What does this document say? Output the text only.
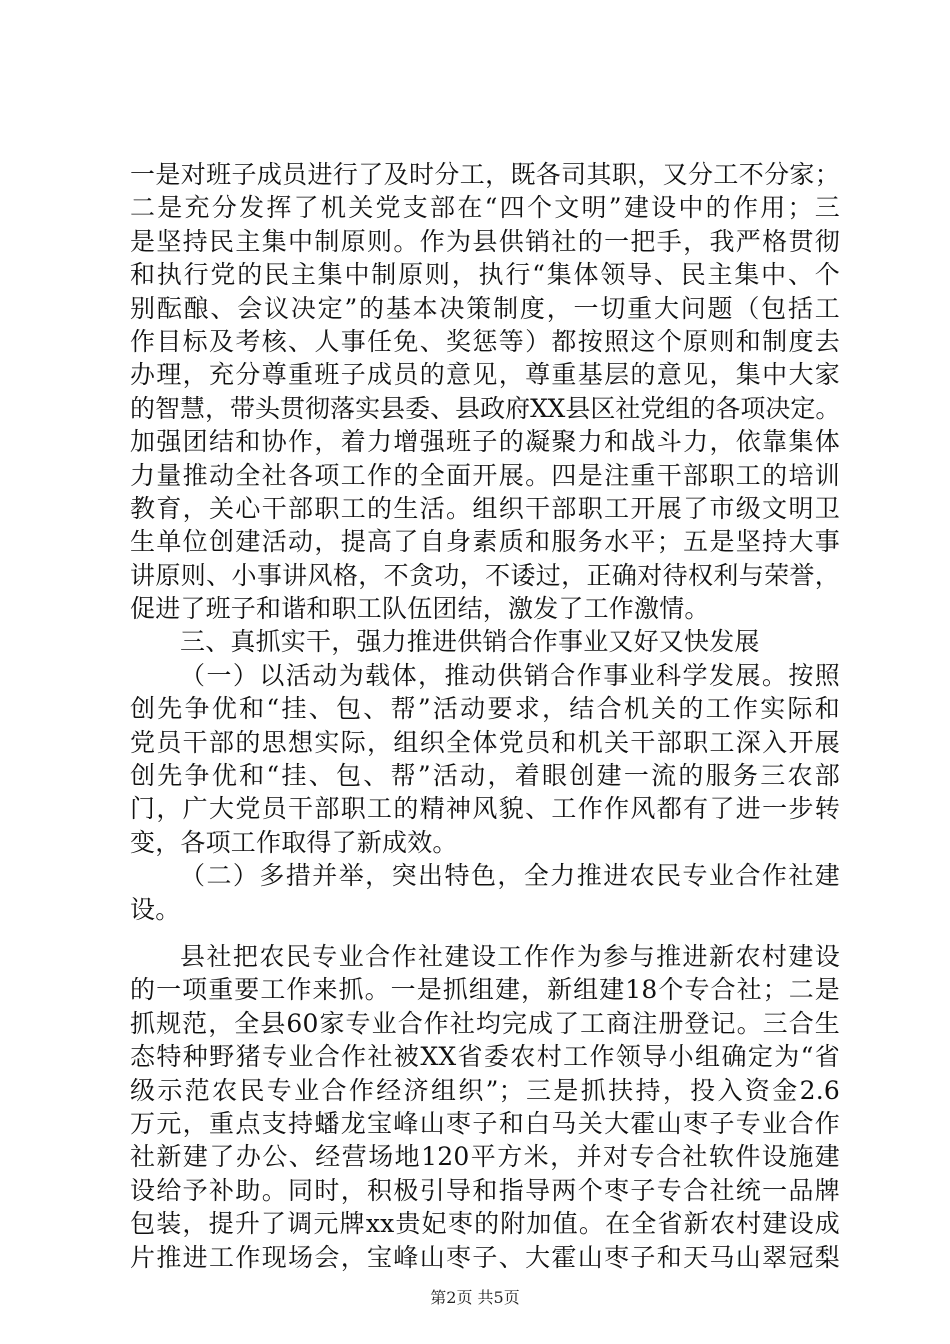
一是对班子成员进行了及时分工，既各司其职，又分工不分家；
二是充分发挥了机关党支部在“四个文明”建设中的作用；三
是坚持民主集中制原则。作为县供销社的一把手，我严格贯彻
和执行党的民主集中制原则，执行“集体领导、民主集中、个
别酝酿、会议决定”的基本决策制度，一切重大问题（包括工
作目标及考核、人事任免、奖惩等）都按照这个原则和制度去
办理，充分尊重班子成员的意见，尊重基层的意见，集中大家
的智慧，带头贯彻落实县委、县政府XX县区社党组的各项决定。
加强团结和协作，着力增强班子的凝聚力和战斗力，依靠集体
力量推动全社各项工作的全面开展。四是注重干部职工的培训
教育，关心干部职工的生活。组织干部职工开展了市级文明卫
生单位创建活动，提高了自身素质和服务水平；五是坚持大事
讲原则、小事讲风格，不贪功，不诿过，正确对待权利与荣誉，
促进了班子和谐和职工队伍团结，激发了工作激情。
三、真抓实干，强力推进供销合作事业又好又快发展
（一）以活动为载体，推动供销合作事业科学发展。按照
创先争优和“挂、包、帮”活动要求，结合机关的工作实际和
党员干部的思想实际，组织全体党员和机关干部职工深入开展
创先争优和“挂、包、帮”活动，着眼创建一流的服务三农部
门，广大党员干部职工的精神风貌、工作作风都有了进一步转
变，各项工作取得了新成效。
（二）多措并举，突出特色，全力推进农民专业合作社建
设。
县社把农民专业合作社建设工作作为参与推进新农村建设
的一项重要工作来抓。一是抓组建，新组建18个专合社；二是
抓规范，全县60家专业合作社均完成了工商注册登记。三合生
态特种野猪专业合作社被XX省委农村工作领导小组确定为“省
级示范农民专业合作经济组织”；三是抓扶持，投入资金2.6
万元，重点支持蟠龙宝峰山枣子和白马关大霍山枣子专业合作
社新建了办公、经营场地120平方米，并对专合社软件设施建
设给予补助。同时，积极引导和指导两个枣子专合社统一品牌
包装，提升了调元牌xx贵妃枣的附加值。在全省新农村建设成
片推进工作现场会，宝峰山枣子、大霍山枣子和天马山翠冠梨
第2页 共5页
